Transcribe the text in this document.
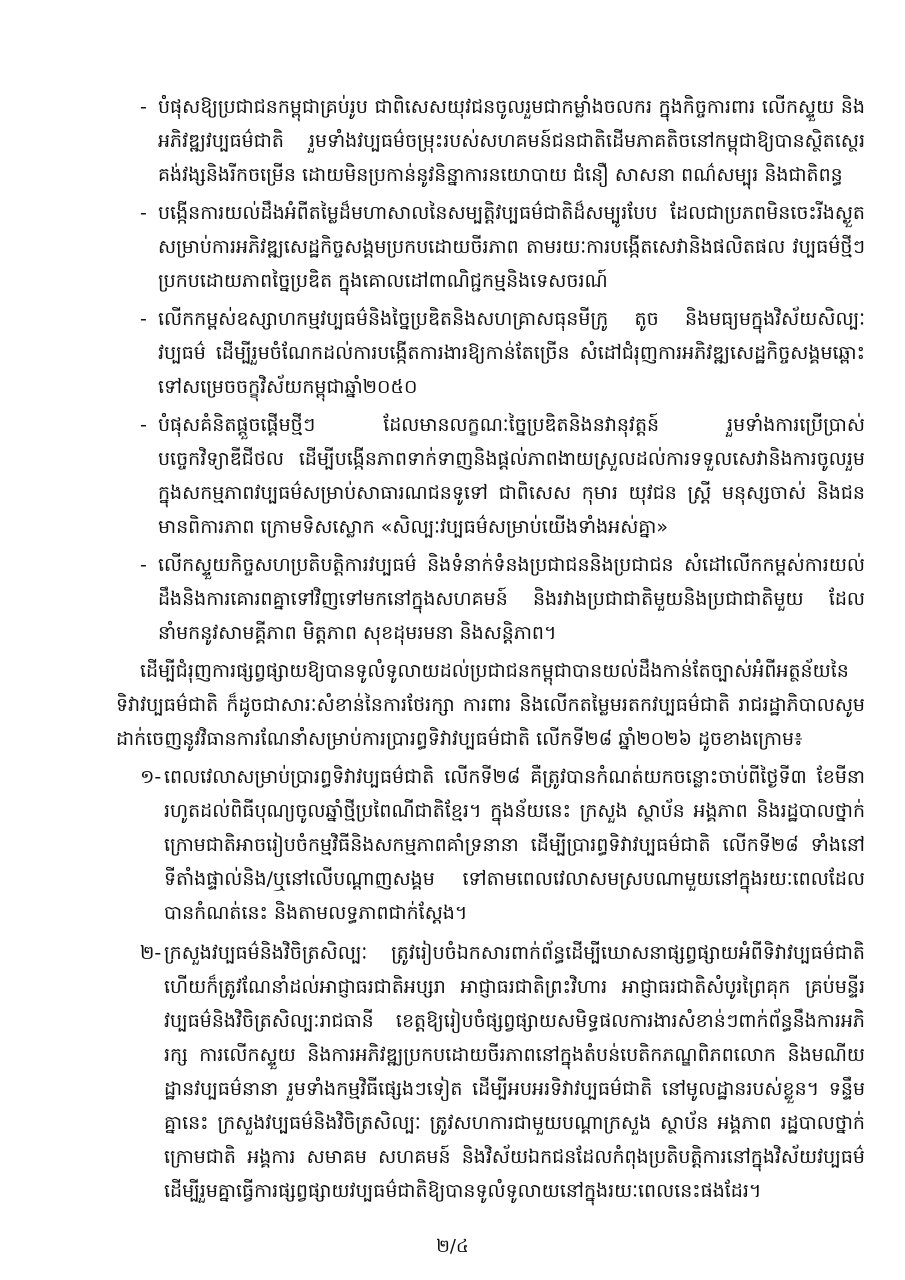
- បំផុសឱ្យប្រជាជនកម្ពុជាគ្រប់រូប ជាពិសេសយុវជនចូលរួមជាកម្លាំងចលករ ក្នុងកិច្ចការពារ លើកស្ទួយ និងអភិវឌ្ឍវប្បធម៌ជាតិ រួមទាំងវប្បធម៌ចម្រុះរបស់សហគមន៍ជនជាតិដើមភាគតិចនៅកម្ពុជាឱ្យបានស្ថិតស្ថេរគង់វង្សនិងរីកចម្រើន ដោយមិនប្រកាន់នូវនិន្នាការនយោបាយ ជំនឿ សាសនា ពណ៌សម្បុរ និងជាតិពន្ធ
- បង្កើនការយល់ដឹងអំពីតម្លៃដ៏មហាសាលនៃសម្បត្តិវប្បធម៌ជាតិដ៏សម្បូរបែប ដែលជាប្រភពមិនចេះរីងស្ងួតសម្រាប់ការអភិវឌ្ឍសេដ្ឋកិច្ចសង្គមប្រកបដោយចីរភាព តាមរយៈការបង្កើតសេវានិងផលិតផល វប្បធម៌ថ្មីៗប្រកបដោយភាពច្នៃប្រឌិត ក្នុងគោលដៅពាណិជ្ជកម្មនិងទេសចរណ៍
- លើកកម្ពស់ឧស្សាហកម្មវប្បធម៌និងច្នៃប្រឌិតនិងសហគ្រាសធុនមីក្រូ តូច និងមធ្យមក្នុងវិស័យសិល្បៈវប្បធម៌ ដើម្បីរួមចំណែកដល់ការបង្កើតការងារឱ្យកាន់តែច្រើន សំដៅជំរុញការអភិវឌ្ឍសេដ្ឋកិច្ចសង្គមឆ្ពោះទៅសម្រេចចក្ខុវិស័យកម្ពុជាឆ្នាំ២០៥០
- បំផុសគំនិតផ្តួចផ្តើមថ្មីៗ ដែលមានលក្ខណៈច្នៃប្រឌិតនិងនវានុវត្តន៍ រួមទាំងការប្រើប្រាស់បច្ចេកវិទ្យាឌីជីថល ដើម្បីបង្កើនភាពទាក់ទាញនិងផ្តល់ភាពងាយស្រួលដល់ការទទួលសេវានិងការចូលរួមក្នុងសកម្មភាពវប្បធម៌សម្រាប់សាធារណជនទូទៅ ជាពិសេស កុមារ យុវជន ស្ត្រី មនុស្សចាស់ និងជនមានពិការភាព ក្រោមទិសស្លោក «សិល្បៈវប្បធម៌សម្រាប់យើងទាំងអស់គ្នា»
- លើកស្ទួយកិច្ចសហប្រតិបត្តិការវប្បធម៌ និងទំនាក់ទំនងប្រជាជននិងប្រជាជន សំដៅលើកកម្ពស់ការយល់ដឹងនិងការគោរពគ្នាទៅវិញទៅមកនៅក្នុងសហគមន៍ និងរវាងប្រជាជាតិមួយនិងប្រជាជាតិមួយ ដែលនាំមកនូវសាមគ្គីភាព មិត្តភាព សុខដុមរមនា និងសន្តិភាព។

ដើម្បីជំរុញការផ្សព្វផ្សាយឱ្យបានទូលំទូលាយដល់ប្រជាជនកម្ពុជាបានយល់ដឹងកាន់តែច្បាស់អំពីអត្ថន័យនៃទិវាវប្បធម៌ជាតិ ក៏ដូចជាសារៈសំខាន់នៃការថែរក្សា ការពារ និងលើកតម្លៃមរតកវប្បធម៌ជាតិ រាជរដ្ឋាភិបាលសូមដាក់ចេញនូវវិធានការណែនាំសម្រាប់ការប្រារព្ធទិវាវប្បធម៌ជាតិ លើកទី២៨ ឆ្នាំ២០២៦ ដូចខាងក្រោម៖

១- ពេលវេលាសម្រាប់ប្រារព្ធទិវាវប្បធម៌ជាតិ លើកទី២៨ គឺត្រូវបានកំណត់យកចន្លោះចាប់ពីថ្ងៃទី៣ ខែមីនា រហូតដល់ពិធីបុណ្យចូលឆ្នាំថ្មីប្រពៃណីជាតិខ្មែរ។ ក្នុងន័យនេះ ក្រសួង ស្ថាប័ន អង្គភាព និងរដ្ឋបាលថ្នាក់ក្រោមជាតិអាចរៀបចំកម្មវិធីនិងសកម្មភាពគាំទ្រនានា ដើម្បីប្រារព្ធទិវាវប្បធម៌ជាតិ លើកទី២៨ ទាំងនៅទីតាំងផ្ទាល់និង/ឬនៅលើបណ្តាញសង្គម ទៅតាមពេលវេលាសមស្របណាមួយនៅក្នុងរយៈពេលដែលបានកំណត់នេះ និងតាមលទ្ធភាពជាក់ស្តែង។
២- ក្រសួងវប្បធម៌និងវិចិត្រសិល្បៈ ត្រូវរៀបចំឯកសារពាក់ព័ន្ធដើម្បីឃោសនាផ្សព្វផ្សាយអំពីទិវាវប្បធម៌ជាតិ ហើយក៏ត្រូវណែនាំដល់អាជ្ញាធរជាតិអប្សរា អាជ្ញាធរជាតិព្រះវិហារ អាជ្ញាធរជាតិសំបូរព្រៃគុក គ្រប់មន្ទីរវប្បធម៌និងវិចិត្រសិល្បៈរាជធានី ខេត្តឱ្យរៀបចំផ្សព្វផ្សាយសមិទ្ធផលការងារសំខាន់ៗពាក់ព័ន្ធនឹងការអភិរក្ស ការលើកស្ទួយ និងការអភិវឌ្ឍប្រកបដោយចីរភាពនៅក្នុងតំបន់បេតិកភណ្ឌពិភពលោក និងមណីយដ្ឋានវប្បធម៌នានា រួមទាំងកម្មវិធីផ្សេងៗទៀត ដើម្បីអបអរទិវាវប្បធម៌ជាតិ នៅមូលដ្ឋានរបស់ខ្លួន។ ទន្ទឹមគ្នានេះ ក្រសួងវប្បធម៌និងវិចិត្រសិល្បៈ ត្រូវសហការជាមួយបណ្តាក្រសួង ស្ថាប័ន អង្គភាព រដ្ឋបាលថ្នាក់ក្រោមជាតិ អង្គការ សមាគម សហគមន៍ និងវិស័យឯកជនដែលកំពុងប្រតិបត្តិការនៅក្នុងវិស័យវប្បធម៌ ដើម្បីរួមគ្នាធ្វើការផ្សព្វផ្សាយវប្បធម៌ជាតិឱ្យបានទូលំទូលាយនៅក្នុងរយៈពេលនេះផងដែរ។
២/៤
